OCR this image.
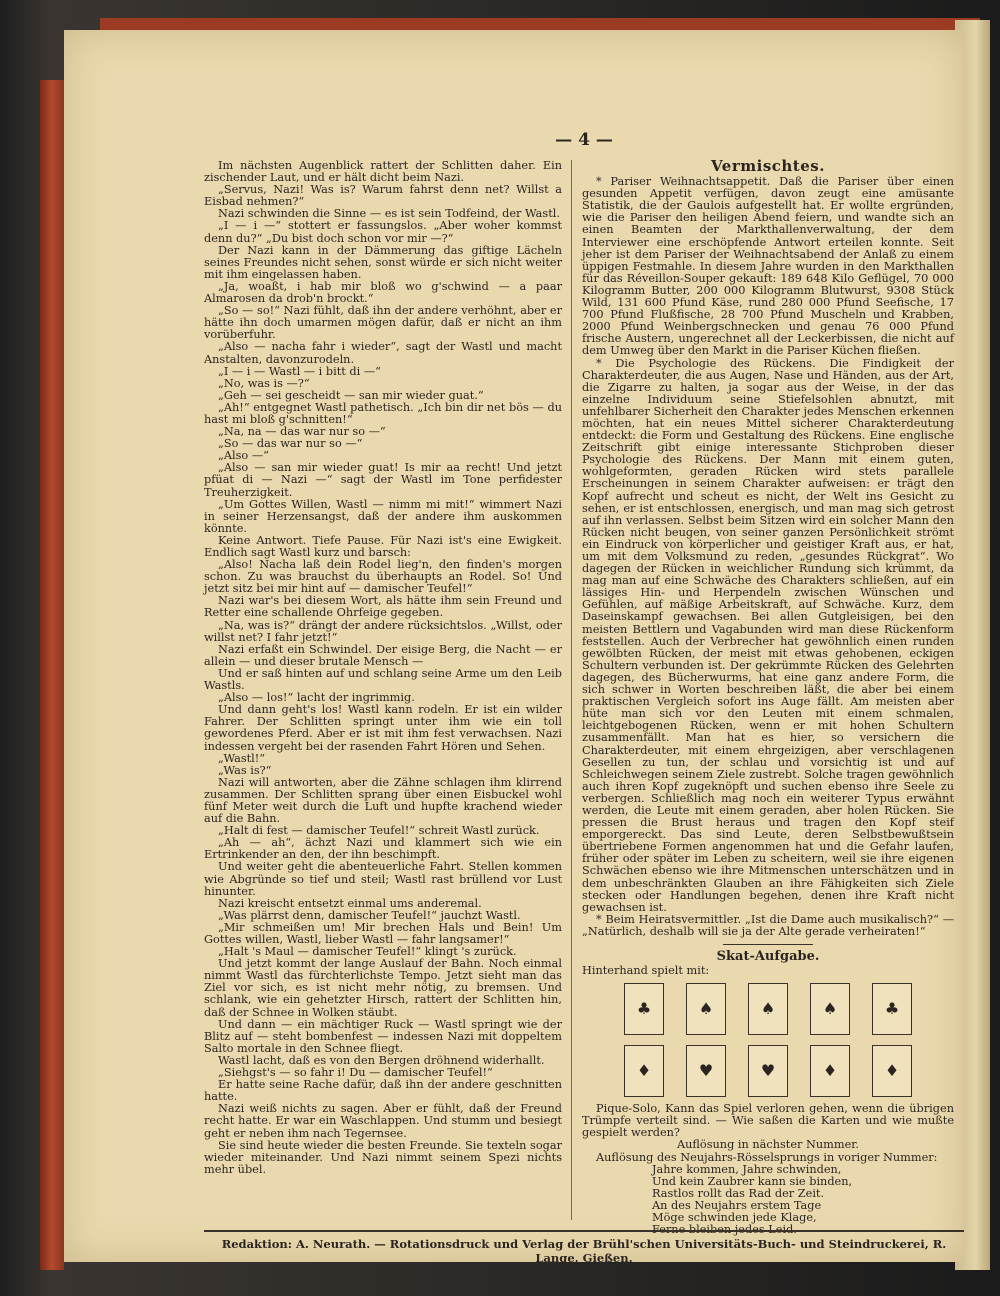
— 4 —

Im nächsten Augenblick rattert der Schlitten daher. Ein zischender Laut, und er hält dicht beim Nazi.

„Servus, Nazi! Was is? Warum fahrst denn net? Willst a Eisbad nehmen?“

Nazi schwinden die Sinne — es ist sein Todfeind, der Wastl.

„I — i —“ stottert er fassungslos. „Aber woher kommst denn du?“ „Du bist doch schon vor mir —?“

Der Nazi kann in der Dämmerung das giftige Lächeln seines Freundes nicht sehen, sonst würde er sich nicht weiter mit ihm eingelassen haben.

„Ja, woaßt, i hab mir bloß wo g'schwind — a paar Almarosen da drob'n brockt.“

„So — so!“ Nazi fühlt, daß ihn der andere verhöhnt, aber er hätte ihn doch umarmen mögen dafür, daß er nicht an ihm vorüberfuhr.

„Also — nacha fahr i wieder“, sagt der Wastl und macht Anstalten, davonzurodeln.

„I — i — Wastl — i bitt di —“

„No, was is —?“

„Geh — sei gescheidt — san mir wieder guat.“

„Ah!“ entgegnet Wastl pathetisch. „Ich bin dir net bös — du hast mi bloß g'schnitten!“

„Na, na — das war nur so —“

„So — das war nur so —“

„Also —“

„Also — san mir wieder guat! Is mir aa recht! Und jetzt pfüat di — Nazi —“ sagt der Wastl im Tone perfidester Treuherzigkeit.

„Um Gottes Willen, Wastl — nimm mi mit!“ wimmert Nazi in seiner Herzensangst, daß der andere ihm auskommen könnte.

Keine Antwort. Tiefe Pause. Für Nazi ist's eine Ewigkeit. Endlich sagt Wastl kurz und barsch:

„Also! Nacha laß dein Rodel lieg'n, den finden's morgen schon. Zu was brauchst du überhaupts an Rodel. So! Und jetzt sitz bei mir hint auf — damischer Teufel!“

Nazi war's bei diesem Wort, als hätte ihm sein Freund und Retter eine schallende Ohrfeige gegeben.

„Na, was is?“ drängt der andere rücksichtslos. „Willst, oder willst net? I fahr jetzt!“

Nazi erfaßt ein Schwindel. Der eisige Berg, die Nacht — er allein — und dieser brutale Mensch —

Und er saß hinten auf und schlang seine Arme um den Leib Wastls.

„Also — los!“ lacht der ingrimmig.

Und dann geht's los! Wastl kann rodeln. Er ist ein wilder Fahrer. Der Schlitten springt unter ihm wie ein toll gewordenes Pferd. Aber er ist mit ihm fest verwachsen. Nazi indessen vergeht bei der rasenden Fahrt Hören und Sehen.

„Wastl!“

„Was is?“

Nazi will antworten, aber die Zähne schlagen ihm klirrend zusammen. Der Schlitten sprang über einen Eisbuckel wohl fünf Meter weit durch die Luft und hupfte krachend wieder auf die Bahn.

„Halt di fest — damischer Teufel!“ schreit Wastl zurück.

„Ah — ah“, ächzt Nazi und klammert sich wie ein Ertrinkender an den, der ihn beschimpft.

Und weiter geht die abenteuerliche Fahrt. Stellen kommen wie Abgründe so tief und steil; Wastl rast brüllend vor Lust hinunter.

Nazi kreischt entsetzt einmal ums anderemal.

„Was plärrst denn, damischer Teufel!“ jauchzt Wastl.

„Mir schmeißen um! Mir brechen Hals und Bein! Um Gottes willen, Wastl, lieber Wastl — fahr langsamer!“

„Halt 's Maul — damischer Teufel!“ klingt 's zurück.

Und jetzt kommt der lange Auslauf der Bahn. Noch einmal nimmt Wastl das fürchterlichste Tempo. Jetzt sieht man das Ziel vor sich, es ist nicht mehr nötig, zu bremsen. Und schlank, wie ein gehetzter Hirsch, rattert der Schlitten hin, daß der Schnee in Wolken stäubt.

Und dann — ein mächtiger Ruck — Wastl springt wie der Blitz auf — steht bombenfest — indessen Nazi mit doppeltem Salto mortale in den Schnee fliegt.

Wastl lacht, daß es von den Bergen dröhnend widerhallt.

„Siehgst's — so fahr i! Du — damischer Teufel!“

Er hatte seine Rache dafür, daß ihn der andere geschnitten hatte.

Nazi weiß nichts zu sagen. Aber er fühlt, daß der Freund recht hatte. Er war ein Waschlappen. Und stumm und besiegt geht er neben ihm nach Tegernsee.

Sie sind heute wieder die besten Freunde. Sie texteln sogar wieder miteinander. Und Nazi nimmt seinem Spezi nichts mehr übel.

Vermischtes.

* Pariser Weihnachtsappetit. Daß die Pariser über einen gesunden Appetit verfügen, davon zeugt eine amüsante Statistik, die der Gaulois aufgestellt hat. Er wollte ergründen, wie die Pariser den heiligen Abend feiern, und wandte sich an einen Beamten der Markthallenverwaltung, der dem Interviewer eine erschöpfende Antwort erteilen konnte. Seit jeher ist dem Pariser der Weihnachtsabend der Anlaß zu einem üppigen Festmahle. In diesem Jahre wurden in den Markthallen für das Réveillon-Souper gekauft: 189 648 Kilo Geflügel, 70 000 Kilogramm Butter, 200 000 Kilogramm Blutwurst, 9308 Stück Wild, 131 600 Pfund Käse, rund 280 000 Pfund Seefische, 17 700 Pfund Flußfische, 28 700 Pfund Muscheln und Krabben, 2000 Pfund Weinbergschnecken und genau 76 000 Pfund frische Austern, ungerechnet all der Leckerbissen, die nicht auf dem Umweg über den Markt in die Pariser Küchen fließen.

* Die Psychologie des Rückens. Die Findigkeit der Charakterdeuter, die aus Augen, Nase und Händen, aus der Art, die Zigarre zu halten, ja sogar aus der Weise, in der das einzelne Individuum seine Stiefelsohlen abnutzt, mit unfehlbarer Sicherheit den Charakter jedes Menschen erkennen möchten, hat ein neues Mittel sicherer Charakterdeutung entdeckt: die Form und Gestaltung des Rückens. Eine englische Zeitschrift gibt einige interessante Stichproben dieser Psychologie des Rückens. Der Mann mit einem guten, wohlgeformten, geraden Rücken wird stets parallele Erscheinungen in seinem Charakter aufweisen: er trägt den Kopf aufrecht und scheut es nicht, der Welt ins Gesicht zu sehen, er ist entschlossen, energisch, und man mag sich getrost auf ihn verlassen. Selbst beim Sitzen wird ein solcher Mann den Rücken nicht beugen, von seiner ganzen Persönlichkeit strömt ein Eindruck von körperlicher und geistiger Kraft aus, er hat, um mit dem Volksmund zu reden, „gesundes Rückgrat“. Wo dagegen der Rücken in weichlicher Rundung sich krümmt, da mag man auf eine Schwäche des Charakters schließen, auf ein lässiges Hin- und Herpendeln zwischen Wünschen und Gefühlen, auf mäßige Arbeitskraft, auf Schwäche. Kurz, dem Daseinskampf gewachsen. Bei allen Gutgleisigen, bei den meisten Bettlern und Vagabunden wird man diese Rückenform feststellen. Auch der Verbrecher hat gewöhnlich einen runden gewölbten Rücken, der meist mit etwas gehobenen, eckigen Schultern verbunden ist. Der gekrümmte Rücken des Gelehrten dagegen, des Bücherwurms, hat eine ganz andere Form, die sich schwer in Worten beschreiben läßt, die aber bei einem praktischen Vergleich sofort ins Auge fällt. Am meisten aber hüte man sich vor den Leuten mit einem schmalen, leichtgebogenen Rücken, wenn er mit hohen Schultern zusammenfällt. Man hat es hier, so versichern die Charakterdeuter, mit einem ehrgeizigen, aber verschlagenen Gesellen zu tun, der schlau und vorsichtig ist und auf Schleichwegen seinem Ziele zustrebt. Solche tragen gewöhnlich auch ihren Kopf zugeknöpft und suchen ebenso ihre Seele zu verbergen. Schließlich mag noch ein weiterer Typus erwähnt werden, die Leute mit einem geraden, aber holen Rücken. Sie pressen die Brust heraus und tragen den Kopf steif emporgereckt. Das sind Leute, deren Selbstbewußtsein übertriebene Formen angenommen hat und die Gefahr laufen, früher oder später im Leben zu scheitern, weil sie ihre eigenen Schwächen ebenso wie ihre Mitmenschen unterschätzen und in dem unbeschränkten Glauben an ihre Fähigkeiten sich Ziele stecken oder Handlungen begehen, denen ihre Kraft nicht gewachsen ist.

* Beim Heiratsvermittler. „Ist die Dame auch musikalisch?“ — „Natürlich, deshalb will sie ja der Alte gerade verheiraten!“

Skat-Aufgabe.

Hinterhand spielt mit:

♣	♠	♠	♠	♣
♦	♥	♥	♦	♦

Pique-Solo, Kann das Spiel verloren gehen, wenn die übrigen Trümpfe verteilt sind. — Wie saßen die Karten und wie mußte gespielt werden?

Auflösung in nächster Nummer.

Auflösung des Neujahrs-Rösselsprungs in voriger Nummer:

Jahre kommen, Jahre schwinden,

Und kein Zaubrer kann sie binden,

Rastlos rollt das Rad der Zeit.

An des Neujahrs erstem Tage

Möge schwinden jede Klage,

Ferne bleiben jedes Leid.

Redaktion: A. Neurath. — Rotationsdruck und Verlag der Brühl'schen Universitäts-Buch- und Steindruckerei, R. Lange, Gießen.
